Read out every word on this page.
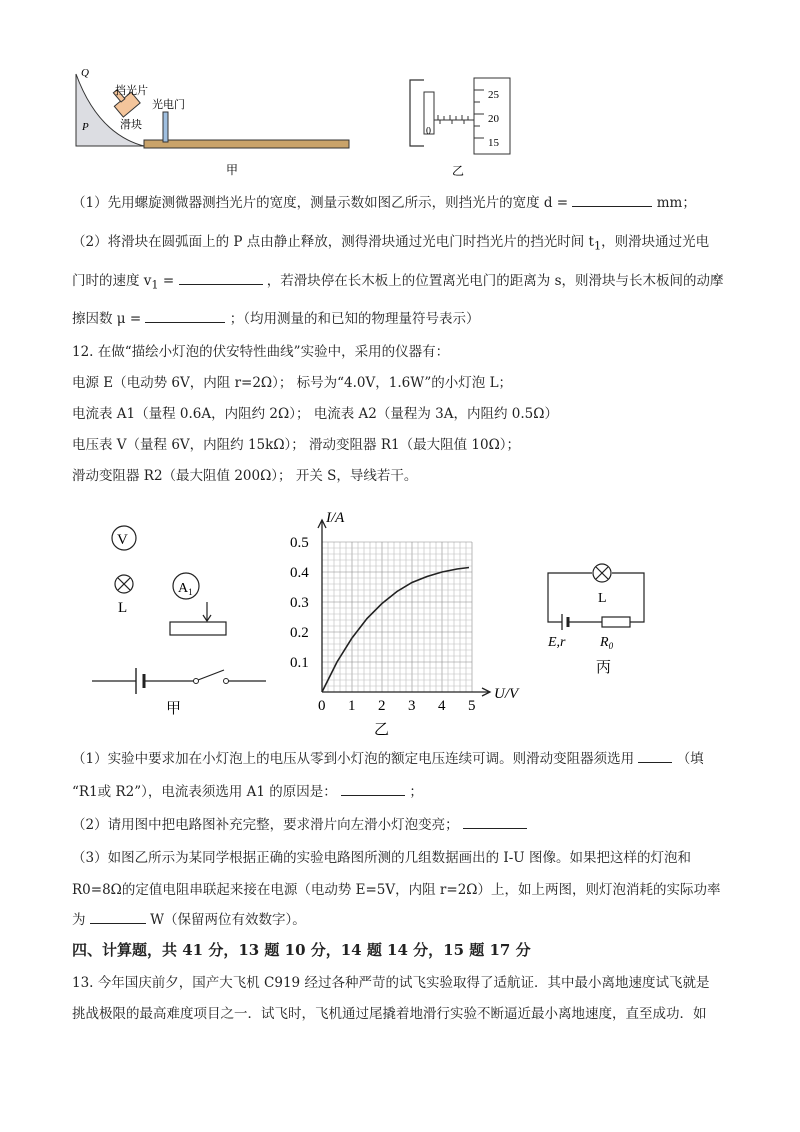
Q
P
挡光片
光电门
滑块
甲
25
20
15
0
乙
（1）先用螺旋测微器测挡光片的宽度，测量示数如图乙所示，则挡光片的宽度 d =	mm；
（2）将滑块在圆弧面上的 P 点由静止释放，测得滑块通过光电门时挡光片的挡光时间 $t_1$，则滑块通过光电
门时的速度 $v_1$ =	，若滑块停在长木板上的位置离光电门的距离为 s，则滑块与长木板间的动摩
擦因数 μ =	；（均用测量的和已知的物理量符号表示）
12. 在做“描绘小灯泡的伏安特性曲线”实验中，采用的仪器有：
电源 E（电动势 6V，内阻 r=2Ω）； 标号为“4.0V，1.6W”的小灯泡 L；
电流表 A1（量程 0.6A，内阻约 2Ω）； 电流表 A2（量程为 3A，内阻约 0.5Ω）
电压表 V（量程 6V，内阻约 15kΩ）； 滑动变阻器 R1（最大阻值 10Ω）；
滑动变阻器 R2（最大阻值 200Ω）； 开关 S，导线若干。
V
L
$A_1$
甲	0 1 2 3 4 5
0.1
0.2
0.3
0.4
0.5
I/A
U/V
乙
L
E,r $R_0$
丙
（1）实验中要求加在小灯泡上的电压从零到小灯泡的额定电压连续可调。则滑动变阻器须选用	（填
“R1或 R2”），电流表须选用 A1 的原因是：	；
（2）请用图中把电路图补充完整，要求滑片向左滑小灯泡变亮；
（3）如图乙所示为某同学根据正确的实验电路图所测的几组数据画出的 I-U 图像。如果把这样的灯泡和
R0=8Ω的定值电阻串联起来接在电源（电动势 E=5V，内阻 r=2Ω）上，如上两图，则灯泡消耗的实际功率
为	W（保留两位有效数字）。
四、计算题，共 41 分，13 题 10 分，14 题 14 分，15 题 17 分
13. 今年国庆前夕，国产大飞机 C919 经过各种严苛的试飞实验取得了适航证．其中最小离地速度试飞就是
挑战极限的最高难度项目之一．试飞时，飞机通过尾撬着地滑行实验不断逼近最小离地速度，直至成功．如
